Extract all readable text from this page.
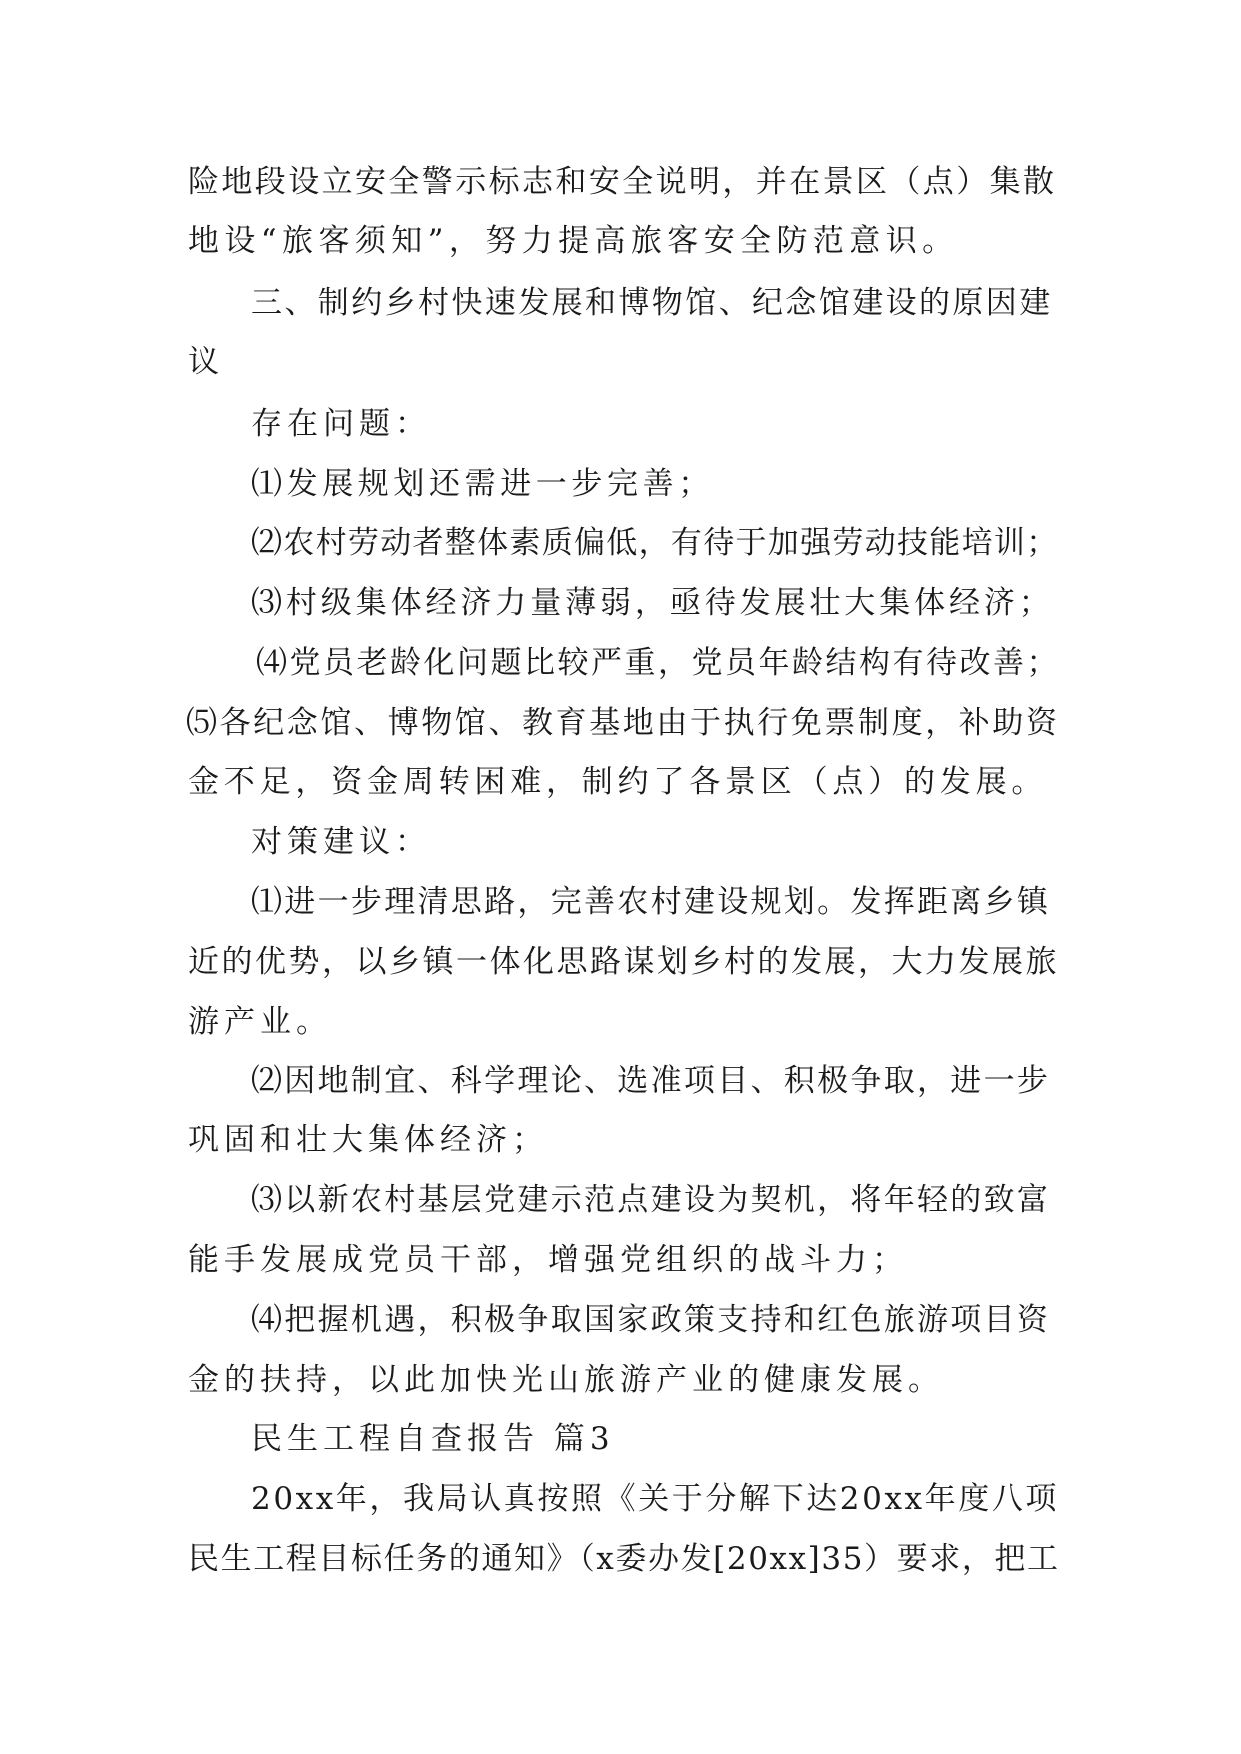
险地段设立安全警示标志和安全说明，并在景区（点）集散
地设“旅客须知”，努力提高旅客安全防范意识。
三、制约乡村快速发展和博物馆、纪念馆建设的原因建
议
存在问题：
⑴发展规划还需进一步完善；
⑵农村劳动者整体素质偏低，有待于加强劳动技能培训；
⑶村级集体经济力量薄弱，亟待发展壮大集体经济；
⑷党员老龄化问题比较严重，党员年龄结构有待改善；
⑸各纪念馆、博物馆、教育基地由于执行免票制度，补助资
金不足，资金周转困难，制约了各景区（点）的发展。
对策建议：
⑴进一步理清思路，完善农村建设规划。发挥距离乡镇
近的优势，以乡镇一体化思路谋划乡村的发展，大力发展旅
游产业。
⑵因地制宜、科学理论、选准项目、积极争取，进一步
巩固和壮大集体经济；
⑶以新农村基层党建示范点建设为契机，将年轻的致富
能手发展成党员干部，增强党组织的战斗力；
⑷把握机遇，积极争取国家政策支持和红色旅游项目资
金的扶持，以此加快光山旅游产业的健康发展。
民生工程自查报告 篇3
20xx年，我局认真按照《关于分解下达20xx年度八项
民生工程目标任务的通知》（x委办发[20xx]35）要求，把工
